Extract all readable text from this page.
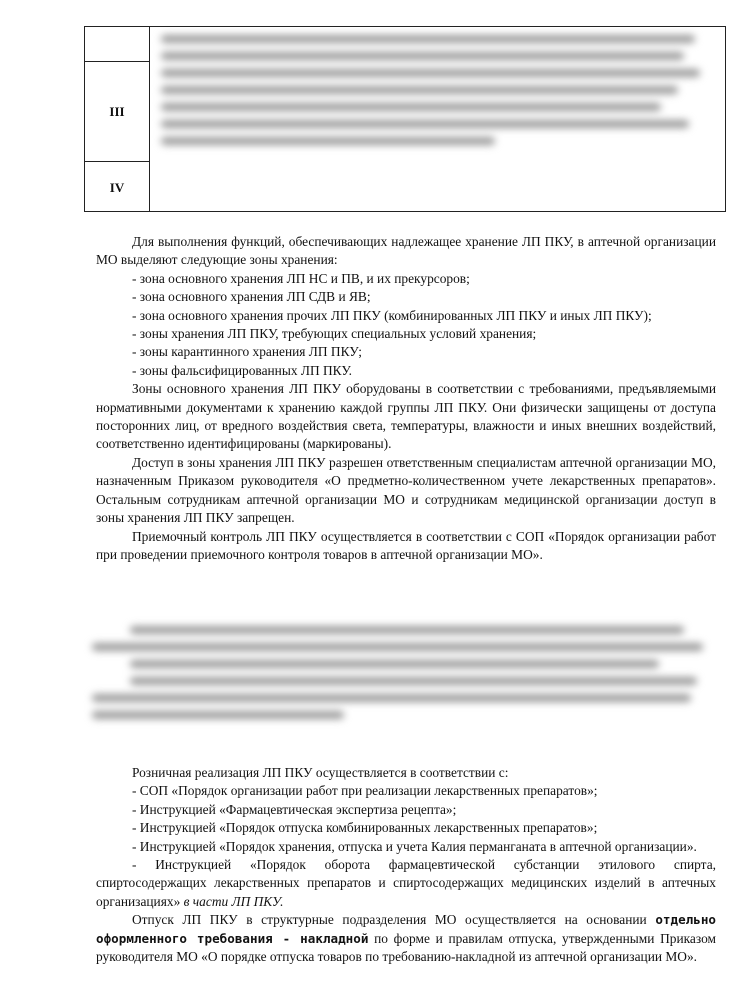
III
IV

Для выполнения функций, обеспечивающих надлежащее хранение ЛП ПКУ, в аптечной организации МО выделяют следующие зоны хранения:

- зона основного хранения ЛП НС и ПВ, и их прекурсоров;

- зона основного хранения ЛП СДВ и ЯВ;

- зона основного хранения прочих ЛП ПКУ (комбинированных ЛП ПКУ и иных ЛП ПКУ);

- зоны хранения ЛП ПКУ, требующих специальных условий хранения;

- зоны карантинного хранения ЛП ПКУ;

- зоны фальсифицированных ЛП ПКУ.

Зоны основного хранения ЛП ПКУ оборудованы в соответствии с требованиями, предъявляемыми нормативными документами к хранению каждой группы ЛП ПКУ. Они физически защищены от доступа посторонних лиц, от вредного воздействия света, температуры, влажности и иных внешних воздействий, соответственно идентифицированы (маркированы).

Доступ в зоны хранения ЛП ПКУ разрешен ответственным специалистам аптечной организации МО, назначенным Приказом руководителя «О предметно-количественном учете лекарственных препаратов». Остальным сотрудникам аптечной организации МО и сотрудникам медицинской организации доступ в зоны хранения ЛП ПКУ запрещен.

Приемочный контроль ЛП ПКУ осуществляется в соответствии с СОП «Порядок организации работ при проведении приемочного контроля товаров в аптечной организации МО».

Розничная реализация ЛП ПКУ осуществляется в соответствии с:

- СОП «Порядок организации работ при реализации лекарственных препаратов»;

- Инструкцией «Фармацевтическая экспертиза рецепта»;

- Инструкцией «Порядок отпуска комбинированных лекарственных препаратов»;

- Инструкцией «Порядок хранения, отпуска и учета Калия перманганата в аптечной организации».

- Инструкцией «Порядок оборота фармацевтической субстанции этилового спирта, спиртосодержащих лекарственных препаратов и спиртосодержащих медицинских изделий в аптечных организациях» в части ЛП ПКУ.

Отпуск ЛП ПКУ в структурные подразделения МО осуществляется на основании отдельно оформленного требования - накладной по форме и правилам отпуска, утвержденными Приказом руководителя МО «О порядке отпуска товаров по требованию-накладной из аптечной организации МО».
